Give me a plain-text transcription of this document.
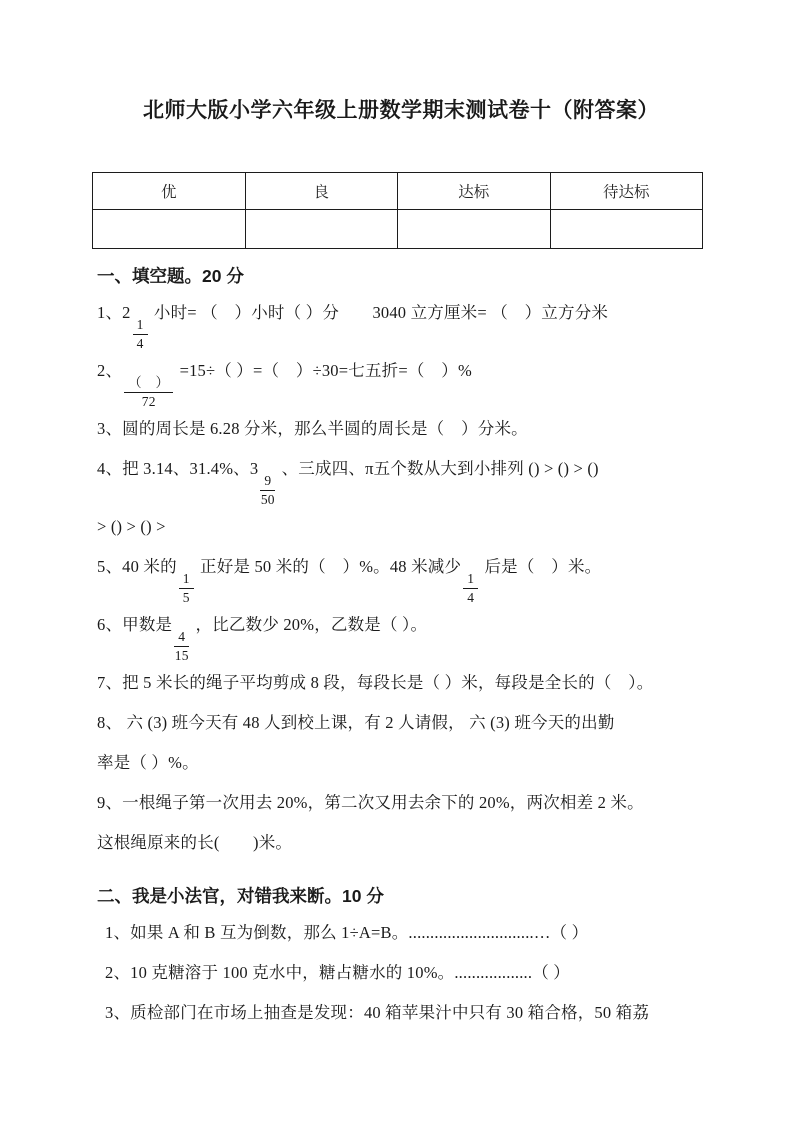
北师大版小学六年级上册数学期末测试卷十（附答案）
优	良	达标	待达标

一、填空题。20 分

1、2
$\frac{1}{4}$
小时= （　）小时（ ）分　　3040 立方厘米= （　）立方分米

2、
$\frac{( )}{72}$
=15÷（ ）=（　）÷30=七五折=（　）%

3、圆的周长是 6.28 分米，那么半圆的周长是（　）分米。

4、把 3.14、31.4%、3
$\frac{9}{50}$
、三成四、π五个数从大到小排列 () > () > ()
> () > () >

5、40 米的
$\frac{1}{5}$
正好是 50 米的（　）%。48 米减少
$\frac{1}{4}$
后是（　）米。

6、甲数是
$\frac{4}{15}$
，比乙数少 20%，乙数是（ ）。

7、把 5 米长的绳子平均剪成 8 段，每段长是（ ）米，每段是全长的（　）。

8、 六 (3) 班今天有 48 人到校上课，有 2 人请假， 六 (3) 班今天的出勤
率是（ ）%。

9、一根绳子第一次用去 20%，第二次又用去余下的 20%，两次相差 2 米。
这根绳原来的长(　　)米。

二、我是小法官，对错我来断。10 分

1、如果 A 和 B 互为倒数，那么 1÷A=B。.............................…（ ）

2、10 克糖溶于 100 克水中，糖占糖水的 10%。..................（ ）

3、质检部门在市场上抽查是发现：40 箱苹果汁中只有 30 箱合格，50 箱荔
